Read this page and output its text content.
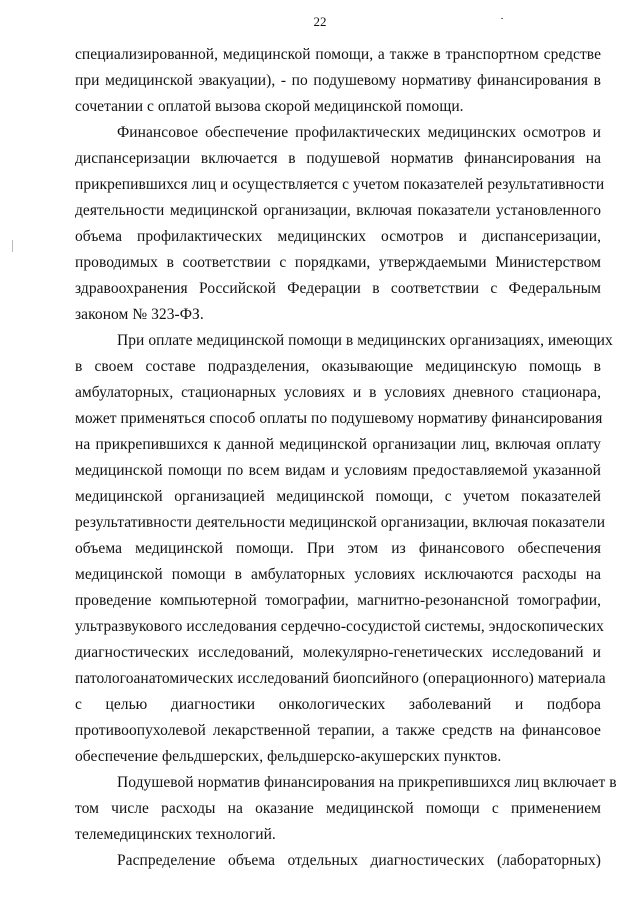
22
специализированной, медицинской помощи, а также в транспортном средстве
при медицинской эвакуации), - по подушевому нормативу финансирования в
сочетании с оплатой вызова скорой медицинской помощи.
Финансовое обеспечение профилактических медицинских осмотров и
диспансеризации включается в подушевой норматив финансирования на
прикрепившихся лиц и осуществляется с учетом показателей результативности
деятельности медицинской организации, включая показатели установленного
объема профилактических медицинских осмотров и диспансеризации,
проводимых в соответствии с порядками, утверждаемыми Министерством
здравоохранения Российской Федерации в соответствии с Федеральным
законом № 323-ФЗ.
При оплате медицинской помощи в медицинских организациях, имеющих
в своем составе подразделения, оказывающие медицинскую помощь в
амбулаторных, стационарных условиях и в условиях дневного стационара,
может применяться способ оплаты по подушевому нормативу финансирования
на прикрепившихся к данной медицинской организации лиц, включая оплату
медицинской помощи по всем видам и условиям предоставляемой указанной
медицинской организацией медицинской помощи, с учетом показателей
результативности деятельности медицинской организации, включая показатели
объема медицинской помощи. При этом из финансового обеспечения
медицинской помощи в амбулаторных условиях исключаются расходы на
проведение компьютерной томографии, магнитно-резонансной томографии,
ультразвукового исследования сердечно-сосудистой системы, эндоскопических
диагностических исследований, молекулярно-генетических исследований и
патологоанатомических исследований биопсийного (операционного) материала
с целью диагностики онкологических заболеваний и подбора
противоопухолевой лекарственной терапии, а также средств на финансовое
обеспечение фельдшерских, фельдшерско-акушерских пунктов.
Подушевой норматив финансирования на прикрепившихся лиц включает в
том числе расходы на оказание медицинской помощи с применением
телемедицинских технологий.
Распределение объема отдельных диагностических (лабораторных)
